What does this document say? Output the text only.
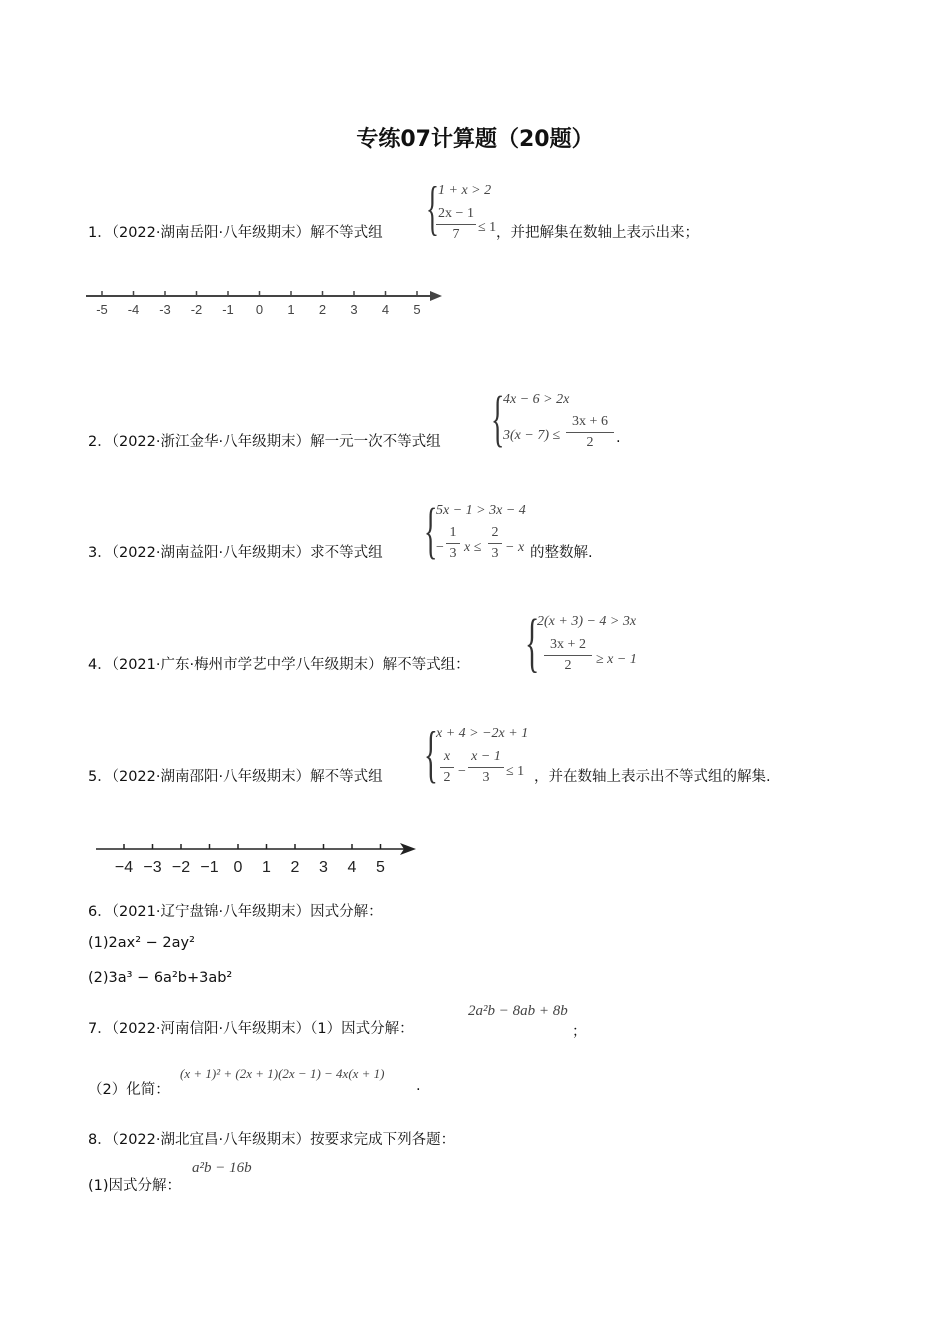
专练07计算题（20题）
1．（2022·湖南岳阳·八年级期末）解不等式组 { 1 + x > 2
2x − 1
7	≤ 1 ，并把解集在数轴上表示出来；
-5 -4 -3 -2 -1 0 1 2 3 4 5
2．（2022·浙江金华·八年级期末）解一元一次不等式组 {
4x − 6 > 2x
3(x − 7) ≤
3x + 6
2	.
3．（2022·湖南益阳·八年级期末）求不等式组 {
5x − 1 > 3x − 4
−
1
3 x ≤
2
3 − x 的整数解.
4．（2021·广东·梅州市学艺中学八年级期末）解不等式组： {
2(x + 3) − 4 > 3x
3x + 2
2	≥ x − 1
5．（2022·湖南邵阳·八年级期末）解不等式组 {
x + 4 > −2x + 1
x
2 −
x − 1
3	≤ 1 ，并在数轴上表示出不等式组的解集.
−4 −3 −2 −1 0 1 2 3 4 5
6．（2021·辽宁盘锦·八年级期末）因式分解：
(1)2ax² − 2ay²
(2)3a³ − 6a²b+3ab²
7．（2022·河南信阳·八年级期末）（1）因式分解：
2a²b − 8ab + 8b
；
（2）化简：
(x + 1)² + (2x + 1)(2x − 1) − 4x(x + 1)
.
8．（2022·湖北宜昌·八年级期末）按要求完成下列各题：
(1)因式分解：
a²b − 16b
